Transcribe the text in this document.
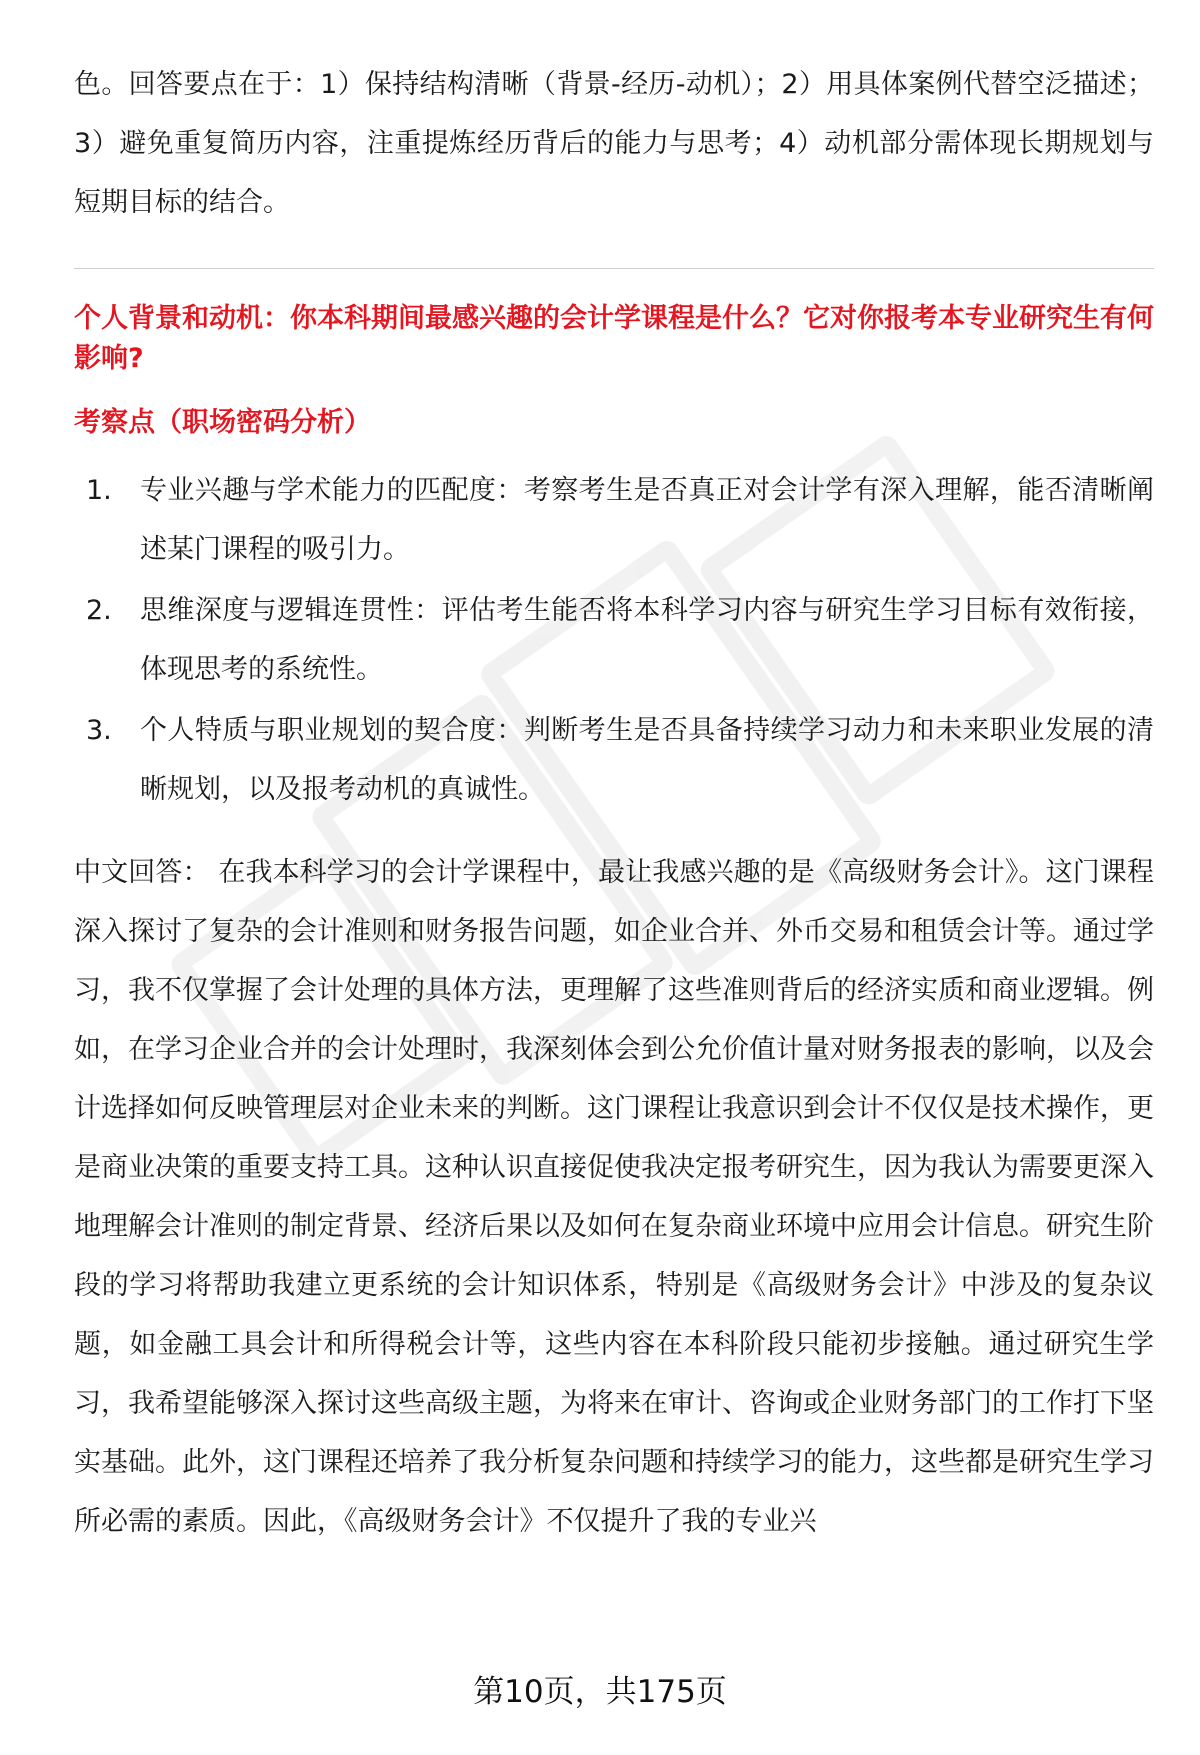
色。回答要点在于：1）保持结构清晰（背景-经历-动机）；2）用具体案例代替空泛描述；3）避免重复简历内容，注重提炼经历背后的能力与思考；4）动机部分需体现长期规划与短期目标的结合。

个人背景和动机：你本科期间最感兴趣的会计学课程是什么？它对你报考本专业研究生有何影响?

考察点（职场密码分析）

1.	专业兴趣与学术能力的匹配度：考察考生是否真正对会计学有深入理解，能否清晰阐述某门课程的吸引力。
2.	思维深度与逻辑连贯性：评估考生能否将本科学习内容与研究生学习目标有效衔接，体现思考的系统性。
3.	个人特质与职业规划的契合度：判断考生是否具备持续学习动力和未来职业发展的清晰规划，以及报考动机的真诚性。

中文回答： 在我本科学习的会计学课程中，最让我感兴趣的是《高级财务会计》。这门课程深入探讨了复杂的会计准则和财务报告问题，如企业合并、外币交易和租赁会计等。通过学习，我不仅掌握了会计处理的具体方法，更理解了这些准则背后的经济实质和商业逻辑。例如，在学习企业合并的会计处理时，我深刻体会到公允价值计量对财务报表的影响，以及会计选择如何反映管理层对企业未来的判断。这门课程让我意识到会计不仅仅是技术操作，更是商业决策的重要支持工具。这种认识直接促使我决定报考研究生，因为我认为需要更深入地理解会计准则的制定背景、经济后果以及如何在复杂商业环境中应用会计信息。研究生阶段的学习将帮助我建立更系统的会计知识体系，特别是《高级财务会计》中涉及的复杂议题，如金融工具会计和所得税会计等，这些内容在本科阶段只能初步接触。通过研究生学习，我希望能够深入探讨这些高级主题，为将来在审计、咨询或企业财务部门的工作打下坚实基础。此外，这门课程还培养了我分析复杂问题和持续学习的能力，这些都是研究生学习所必需的素质。因此，《高级财务会计》不仅提升了我的专业兴

第10页，共175页
